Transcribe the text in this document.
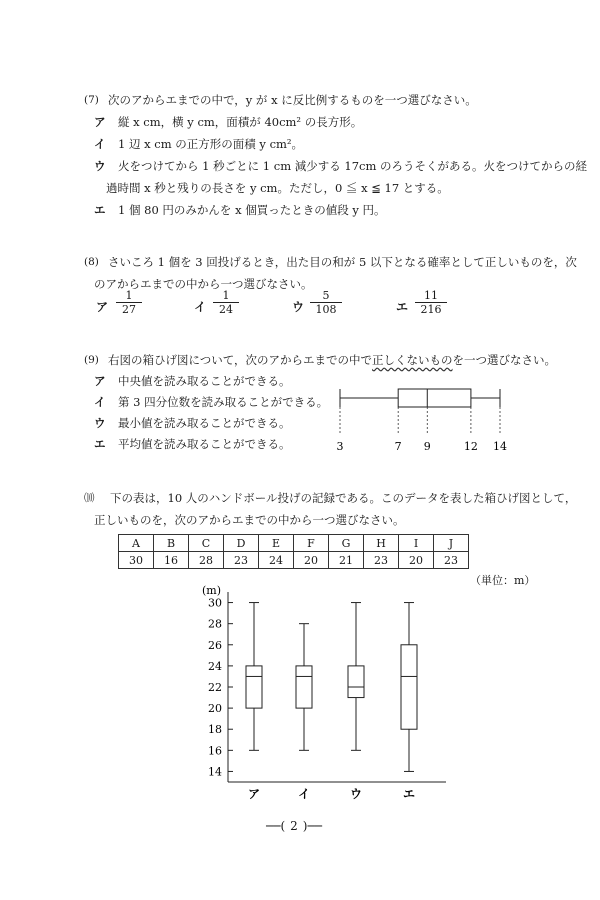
(7) 次のアからエまでの中で，y が x に反比例するものを一つ選びなさい。
ア 縦 x cm，横 y cm，面積が 40cm² の長方形。
イ 1 辺 x cm の正方形の面積 y cm²。
ウ 火をつけてから 1 秒ごとに 1 cm 減少する 17cm のろうそくがある。火をつけてからの経
過時間 x 秒と残りの長さを y cm。ただし，0 ≦ x ≦ 17 とする。
エ 1 個 80 円のみかんを x 個買ったときの値段 y 円。
(8) さいころ 1 個を 3 回投げるとき，出た目の和が 5 以下となる確率として正しいものを，次
のアからエまでの中から一つ選びなさい。
ア $\frac{1}{27}$	イ $\frac{1}{24}$	ウ $\frac{5}{108}$	エ $\frac{11}{216}$
(9) 右図の箱ひげ図について，次のアからエまでの中で正しくないものを一つ選びなさい。
ア 中央値を読み取ることができる。
イ 第 3 四分位数を読み取ることができる。
ウ 最小値を読み取ることができる。
エ 平均値を読み取ることができる。	3	7 9	12 14
⑽ 下の表は，10 人のハンドボール投げの記録である。このデータを表した箱ひげ図として，
正しいものを，次のアからエまでの中から一つ選びなさい。
A	B	C	D	E	F	G	H	I	J
30	16	28	23	24	20	21	23	20	23
（単位：m）
(m)
14
16
18
20
22
24
26
28
30
ア	イ	ウ	エ
──( 2 )──
